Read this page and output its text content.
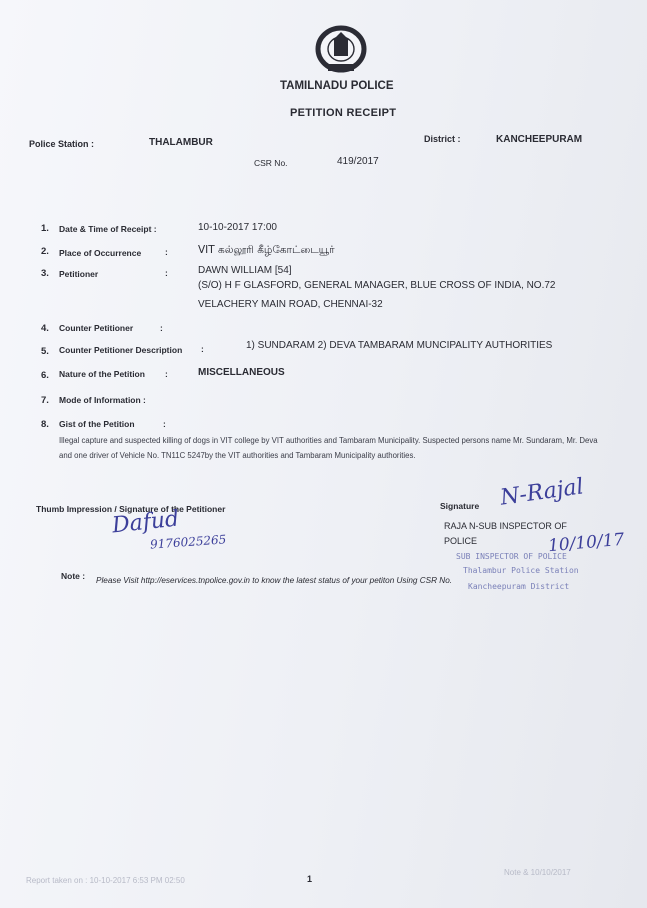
TAMILNADU POLICE
PETITION RECEIPT
Police Station :	THALAMBUR	District :	KANCHEEPURAM
CSR No.	419/2017
1. Date & Time of Receipt :	10-10-2017 17:00
2. Place of Occurrence	:	VIT கல்லூரி கீழ்கோட்டையூர்
3. Petitioner	:	DAWN WILLIAM [54]
(S/O) H F GLASFORD, GENERAL MANAGER, BLUE CROSS OF INDIA, NO.72
VELACHERY MAIN ROAD, CHENNAI-32
4. Counter Petitioner	:
5. Counter Petitioner Description :	1) SUNDARAM 2) DEVA TAMBARAM MUNCIPALITY AUTHORITIES
6. Nature of the Petition :	MISCELLANEOUS
7. Mode of Information :
8. Gist of the Petition	:
Illegal capture and suspected killing of dogs in VIT college by VIT authorities and Tambaram Municipality. Suspected persons name Mr. Sundaram, Mr. Deva and one driver of Vehicle No. TN11C 5247by the VIT authorities and Tambaram Municipality authorities.
Thumb Impression / Signature of the Petitioner
Dafud
9176025265
Signature N-Rajal
RAJA N-SUB INSPECTOR OF
POLICE	10/10/17
SUB INSPECTOR OF POLICE
Thalambur Police Station
Kancheepuram District
Note : Please Visit http://eservices.tnpolice.gov.in to know the latest status of your petiton Using CSR No.
Report taken on : 10-10-2017 6:53 PM 02:50	1
Note & 10/10/2017
